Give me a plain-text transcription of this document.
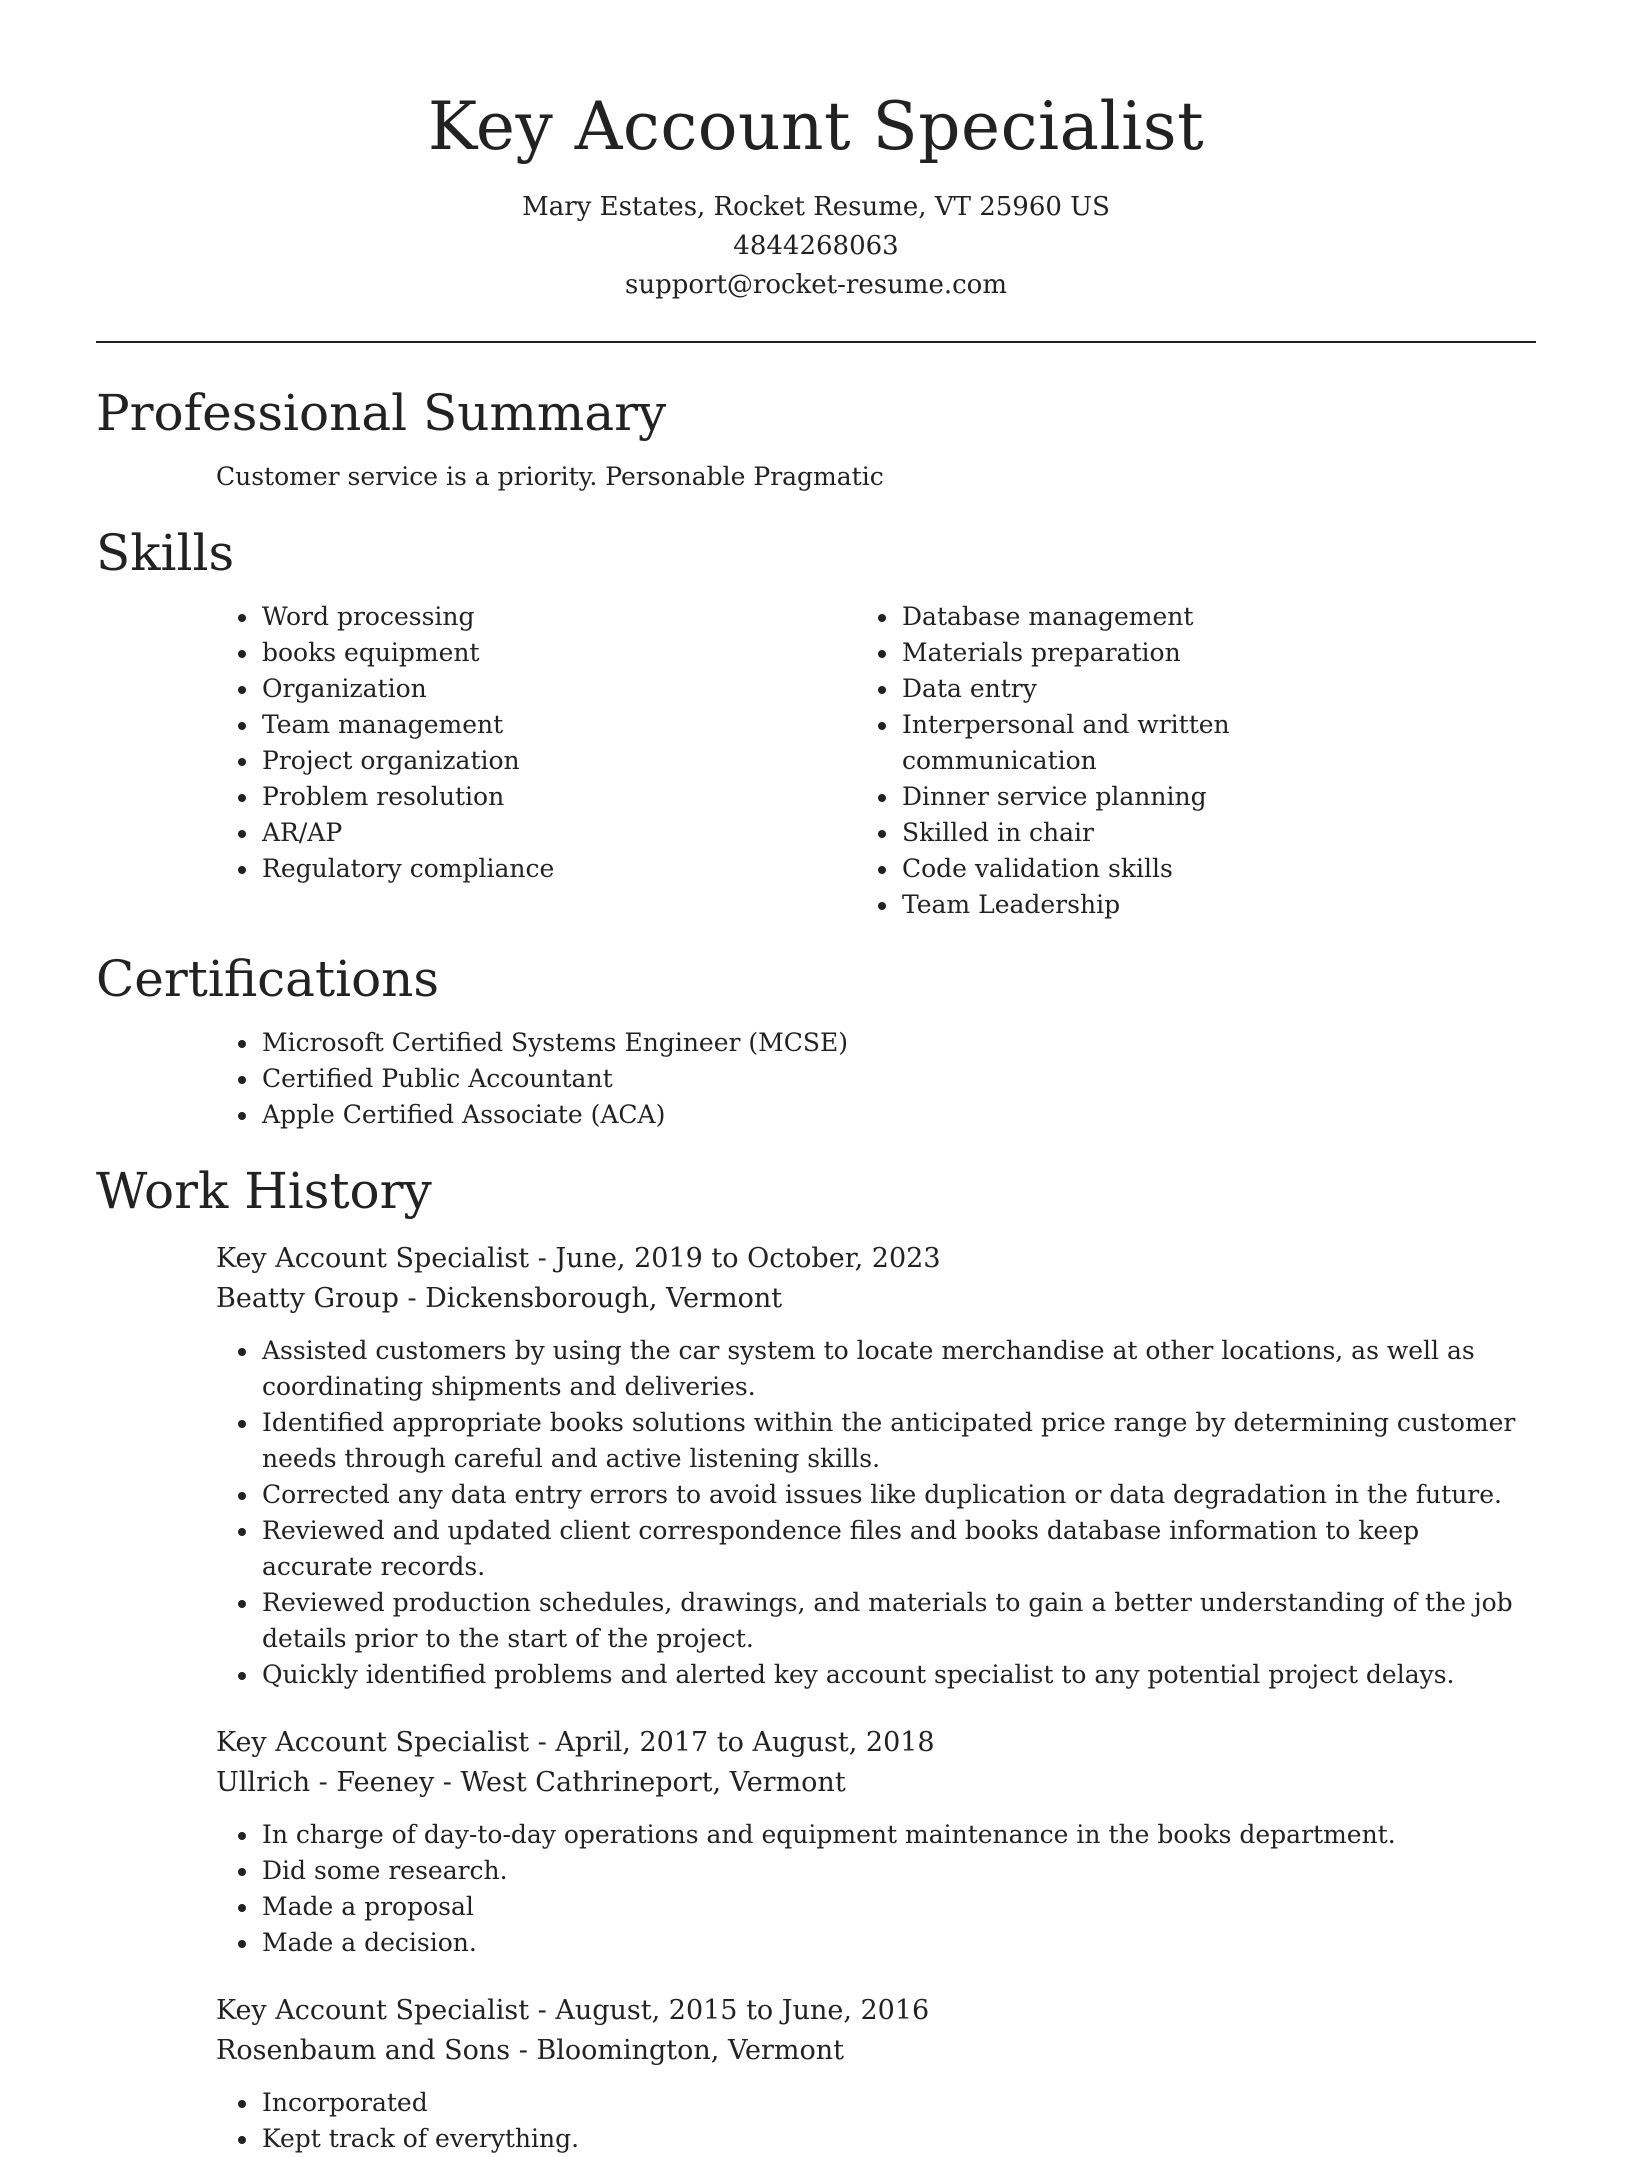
Key Account Specialist
Mary Estates, Rocket Resume, VT 25960 US
4844268063
support@rocket-resume.com
Professional Summary
Customer service is a priority. Personable Pragmatic
Skills
• Word processing
• books equipment
• Organization
• Team management
• Project organization
• Problem resolution
• AR/AP
• Regulatory compliance
• Database management
• Materials preparation
• Data entry
• Interpersonal and written communication
• Dinner service planning
• Skilled in chair
• Code validation skills
• Team Leadership
Certifications
• Microsoft Certified Systems Engineer (MCSE)
• Certified Public Accountant
• Apple Certified Associate (ACA)
Work History
Key Account Specialist - June, 2019 to October, 2023
Beatty Group - Dickensborough, Vermont
• Assisted customers by using the car system to locate merchandise at other locations, as well as coordinating shipments and deliveries.
• Identified appropriate books solutions within the anticipated price range by determining customer needs through careful and active listening skills.
• Corrected any data entry errors to avoid issues like duplication or data degradation in the future.
• Reviewed and updated client correspondence files and books database information to keep accurate records.
• Reviewed production schedules, drawings, and materials to gain a better understanding of the job details prior to the start of the project.
• Quickly identified problems and alerted key account specialist to any potential project delays.
Key Account Specialist - April, 2017 to August, 2018
Ullrich - Feeney - West Cathrineport, Vermont
• In charge of day-to-day operations and equipment maintenance in the books department.
• Did some research.
• Made a proposal
• Made a decision.
Key Account Specialist - August, 2015 to June, 2016
Rosenbaum and Sons - Bloomington, Vermont
• Incorporated
• Kept track of everything.
